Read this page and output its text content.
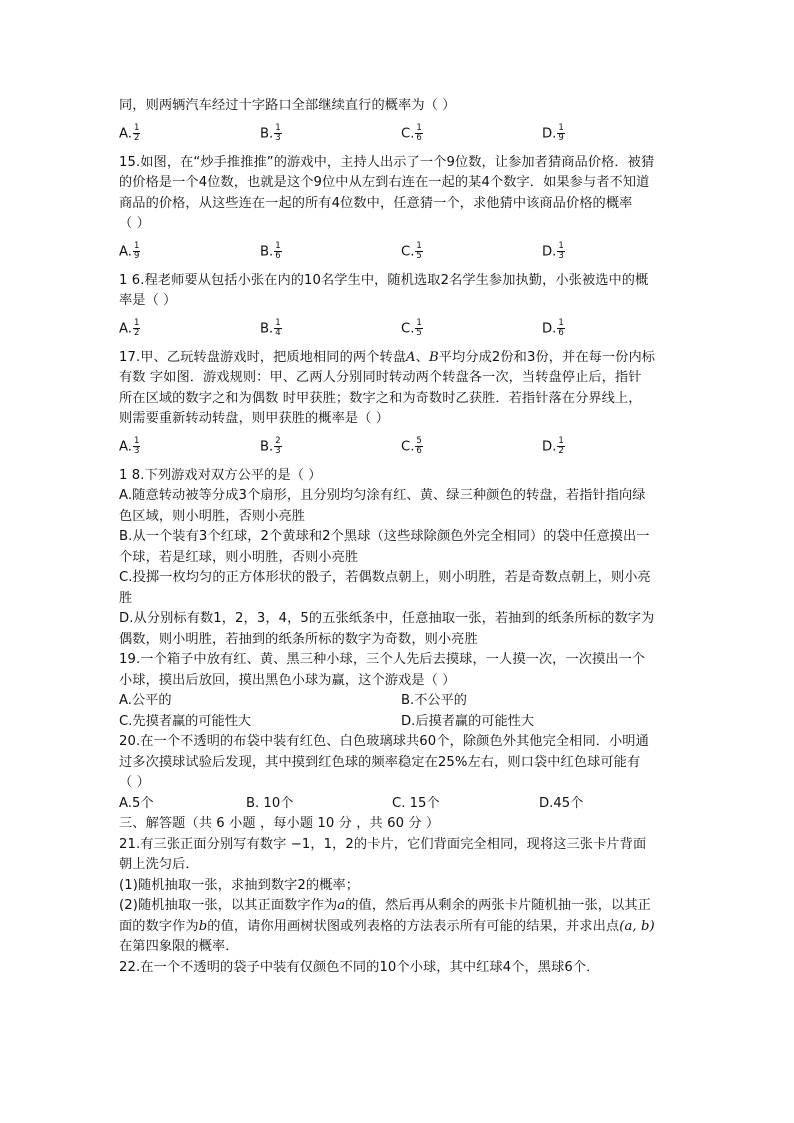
同，则两辆汽车经过十字路口全部继续直行的概率为（ ）

A. $\frac{1}{2}$	B. $\frac{1}{3}$	C. $\frac{1}{6}$	D. $\frac{1}{9}$

15.如图，在“炒手推推推”的游戏中，主持人出示了一个9位数，让参加者猜商品价格．被猜

的价格是一个4位数，也就是这个9位中从左到右连在一起的某4个数字．如果参与者不知道

商品的价格，从这些连在一起的所有4位数中，任意猜一个，求他猜中该商品价格的概率

（ ）

A. $\frac{1}{9}$	B. $\frac{1}{6}$	C. $\frac{1}{5}$	D. $\frac{1}{3}$

1 6.程老师要从包括小张在内的10名学生中，随机选取2名学生参加执勤，小张被选中的概

率是（ ）

A. $\frac{1}{2}$	B. $\frac{1}{4}$	C. $\frac{1}{5}$	D. $\frac{1}{6}$

17.甲、乙玩转盘游戏时，把质地相同的两个转盘A、B平均分成2份和3份，并在每一份内标

有数 字如图．游戏规则：甲、乙两人分别同时转动两个转盘各一次，当转盘停止后，指针

所在区域的数字之和为偶数 时甲获胜；数字之和为奇数时乙获胜．若指针落在分界线上，

则需要重新转动转盘，则甲获胜的概率是（ ）

A. $\frac{1}{3}$	B. $\frac{2}{3}$	C. $\frac{5}{6}$	D. $\frac{1}{2}$

1 8.下列游戏对双方公平的是（ ）

A.随意转动被等分成3个扇形，且分别均匀涂有红、黄、绿三种颜色的转盘，若指针指向绿

色区域，则小明胜，否则小亮胜

B.从一个装有3个红球，2个黄球和2个黑球（这些球除颜色外完全相同）的袋中任意摸出一

个球，若是红球，则小明胜，否则小亮胜

C.投掷一枚均匀的正方体形状的骰子，若偶数点朝上，则小明胜，若是奇数点朝上，则小亮

胜

D.从分别标有数1，2，3，4，5的五张纸条中，任意抽取一张，若抽到的纸条所标的数字为

偶数，则小明胜，若抽到的纸条所标的数字为奇数，则小亮胜

19.一个箱子中放有红、黄、黑三种小球，三个人先后去摸球，一人摸一次，一次摸出一个

小球，摸出后放回，摸出黑色小球为赢，这个游戏是（ ）

A.公平的	B.不公平的
C.先摸者赢的可能性大	D.后摸者赢的可能性大

20.在一个不透明的布袋中装有红色、白色玻璃球共60个，除颜色外其他完全相同．小明通

过多次摸球试验后发现，其中摸到红色球的频率稳定在25%左右，则口袋中红色球可能有

（ ）

A.5个	B. 10个	C. 15个	D.45个

三、解答题（共 6 小题 ，每小题 10 分 ，共 60 分 ）

21.有三张正面分别写有数字 −1，1，2的卡片，它们背面完全相同，现将这三张卡片背面

朝上洗匀后．

(1)随机抽取一张，求抽到数字2的概率；

(2)随机抽取一张，以其正面数字作为a的值，然后再从剩余的两张卡片随机抽一张，以其正

面的数字作为b的值，请你用画树状图或列表格的方法表示所有可能的结果，并求出点(a, b)

在第四象限的概率．

22.在一个不透明的袋子中装有仅颜色不同的10个小球，其中红球4个，黑球6个．
